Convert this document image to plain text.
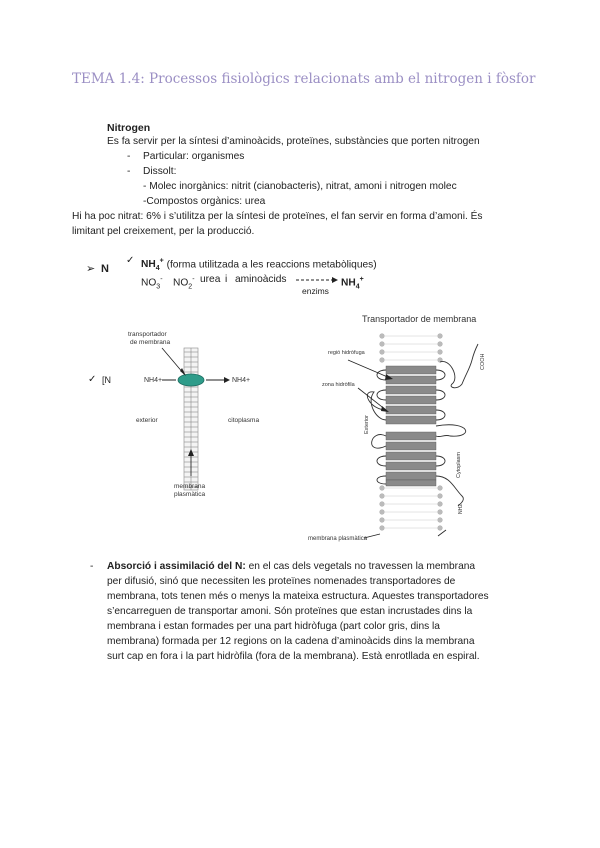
TEMA 1.4: Processos fisiològics relacionats amb el nitrogen i fòsfor
Nitrogen
Es fa servir per la síntesi d’aminoàcids, proteïnes, substàncies que porten nitrogen
- Particular: organismes
- Dissolt:
- Molec inorgànics: nitrit (cianobacteris), nitrat, amoni i nitrogen molec
-Compostos orgànics: urea
Hi ha poc nitrat: 6% i s’utilitza per la síntesi de proteïnes, el fan servir en forma d’amoni. És
limitant pel creixement, per la producció.
➢ N
✓ $NH_4^+$ (forma utilitzada a les reaccions metabòliques)
$NO_3^-$ $NO_2^-$ urea i aminoàcids	$NH_4^+$
enzims
✓ [N
transportador
de membrana
NH4+	NH4+
exterior	citoplasma
membrana
plasmàtica
Transportador de membrana
regió hidròfuga
zona hidròfila
Exterior
Cytoplasm
COOH
NH2
membrana plasmàtica
- Absorció i assimilació del N: en el cas dels vegetals no travessen la membrana
per difusió, sinó que necessiten les proteïnes nomenades transportadores de
membrana, tots tenen més o menys la mateixa estructura. Aquestes transportadores
s’encarreguen de transportar amoni. Són proteïnes que estan incrustades dins la
membrana i estan formades per una part hidròfuga (part color gris, dins la
membrana) formada per 12 regions on la cadena d’aminoàcids dins la membrana
surt cap en fora i la part hidròfila (fora de la membrana). Està enrotllada en espiral.
